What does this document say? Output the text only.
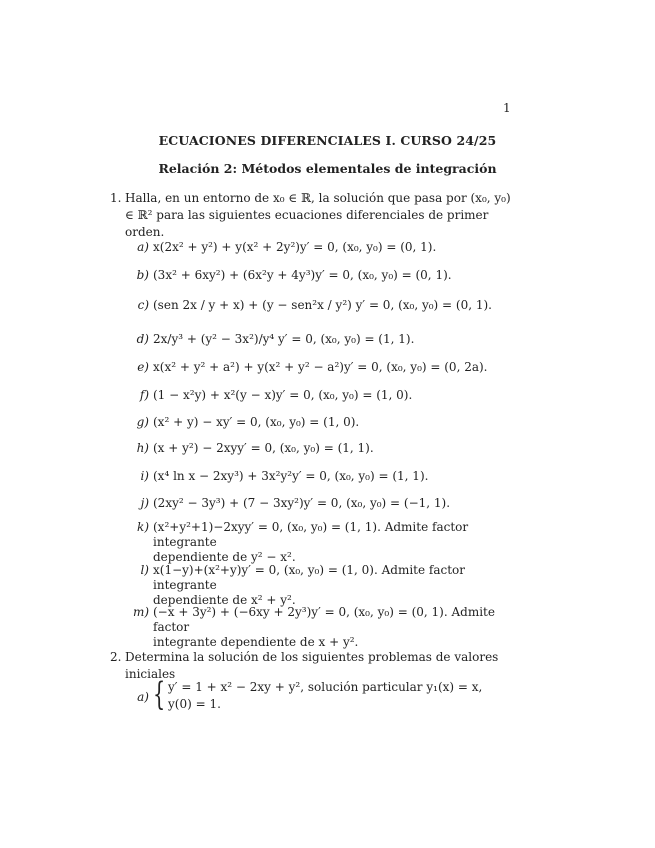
1
ECUACIONES DIFERENCIALES I. CURSO 24/25
Relación 2: Métodos elementales de integración
1. Halla, en un entorno de x₀ ∈ ℝ, la solución que pasa por (x₀, y₀) ∈ ℝ² para las siguientes ecuaciones diferenciales de primer orden.
a) x(2x² + y²) + y(x² + 2y²)y′ = 0, (x₀, y₀) = (0, 1).
b) (3x² + 6xy²) + (6x²y + 4y³)y′ = 0, (x₀, y₀) = (0, 1).
c) (sen 2x / y + x) + (y − sen²x / y²) y′ = 0, (x₀, y₀) = (0, 1).
d) 2x/y³ + (y² − 3x²)/y⁴ y′ = 0, (x₀, y₀) = (1, 1).
e) x(x² + y² + a²) + y(x² + y² − a²)y′ = 0, (x₀, y₀) = (0, 2a).
f) (1 − x²y) + x²(y − x)y′ = 0, (x₀, y₀) = (1, 0).
g) (x² + y) − xy′ = 0, (x₀, y₀) = (1, 0).
h) (x + y²) − 2xyy′ = 0, (x₀, y₀) = (1, 1).
i) (x⁴ ln x − 2xy³) + 3x²y²y′ = 0, (x₀, y₀) = (1, 1).
j) (2xy² − 3y³) + (7 − 3xy²)y′ = 0, (x₀, y₀) = (−1, 1).
k) (x²+y²+1)−2xyy′ = 0, (x₀, y₀) = (1, 1). Admite factor integrante
dependiente de y² − x².
l) x(1−y)+(x²+y)y′ = 0, (x₀, y₀) = (1, 0). Admite factor integrante
dependiente de x² + y².
m) (−x + 3y²) + (−6xy + 2y³)y′ = 0, (x₀, y₀) = (0, 1). Admite factor
integrante dependiente de x + y².
2. Determina la solución de los siguientes problemas de valores iniciales
a) { y′ = 1 + x² − 2xy + y², solución particular y₁(x) = x,
y(0) = 1.
